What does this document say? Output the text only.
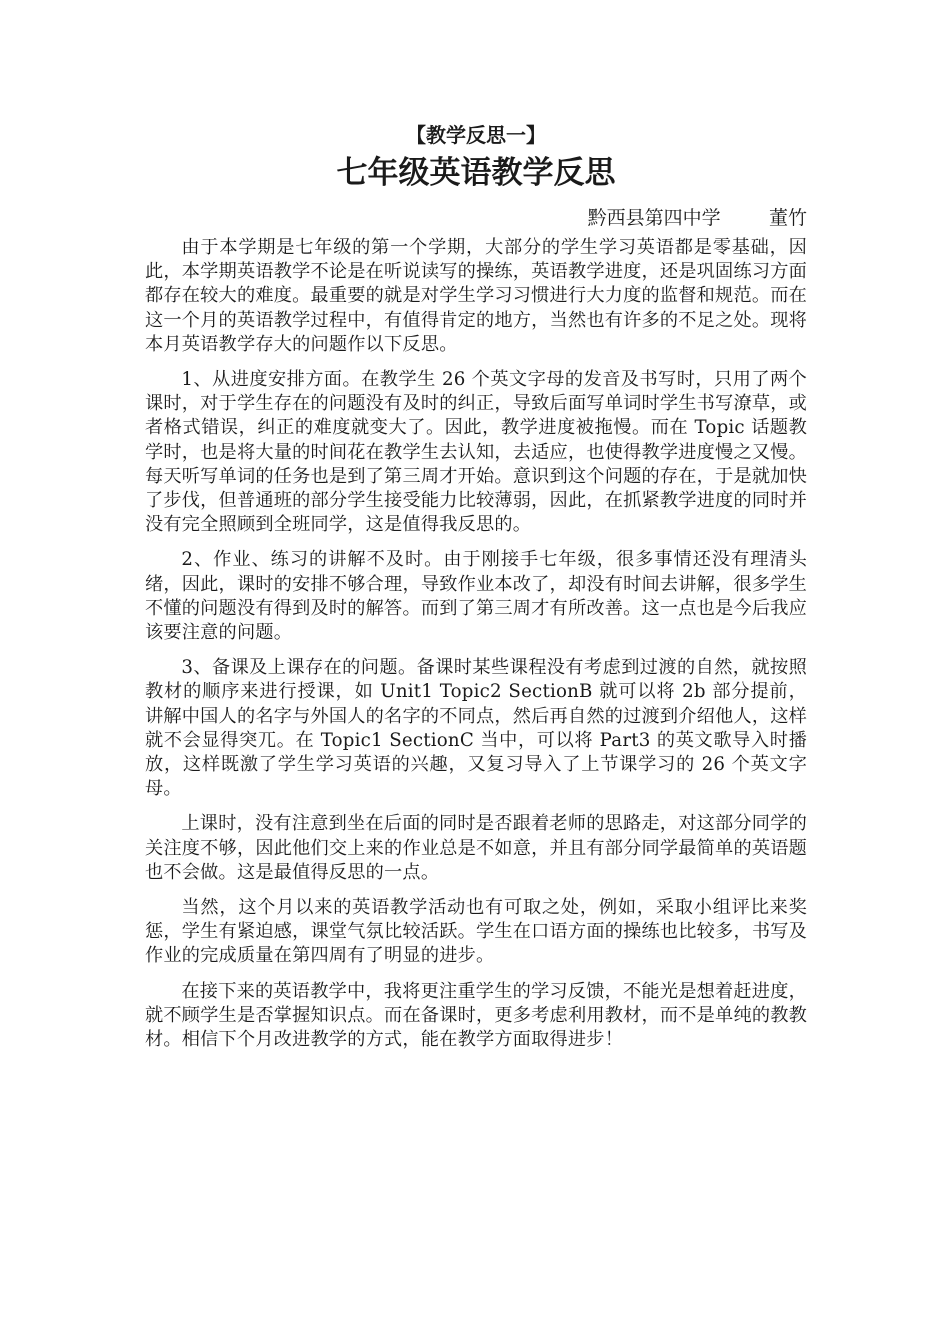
【教学反思一】

七年级英语教学反思

黔西县第四中学        董竹

由于本学期是七年级的第一个学期，大部分的学生学习英语都是零基础，因此，本学期英语教学不论是在听说读写的操练，英语教学进度，还是巩固练习方面都存在较大的难度。最重要的就是对学生学习习惯进行大力度的监督和规范。而在这一个月的英语教学过程中，有值得肯定的地方，当然也有许多的不足之处。现将本月英语教学存大的问题作以下反思。

1、从进度安排方面。在教学生 26 个英文字母的发音及书写时，只用了两个课时，对于学生存在的问题没有及时的纠正，导致后面写单词时学生书写潦草，或者格式错误，纠正的难度就变大了。因此，教学进度被拖慢。而在 Topic 话题教学时，也是将大量的时间花在教学生去认知，去适应，也使得教学进度慢之又慢。每天听写单词的任务也是到了第三周才开始。意识到这个问题的存在，于是就加快了步伐，但普通班的部分学生接受能力比较薄弱，因此，在抓紧教学进度的同时并没有完全照顾到全班同学，这是值得我反思的。

2、作业、练习的讲解不及时。由于刚接手七年级，很多事情还没有理清头绪，因此，课时的安排不够合理，导致作业本改了，却没有时间去讲解，很多学生不懂的问题没有得到及时的解答。而到了第三周才有所改善。这一点也是今后我应该要注意的问题。

3、备课及上课存在的问题。备课时某些课程没有考虑到过渡的自然，就按照教材的顺序来进行授课，如 Unit1 Topic2 SectionB 就可以将 2b 部分提前，讲解中国人的名字与外国人的名字的不同点，然后再自然的过渡到介绍他人，这样就不会显得突兀。在 Topic1 SectionC 当中，可以将 Part3 的英文歌导入时播放，这样既激了学生学习英语的兴趣，又复习导入了上节课学习的 26 个英文字母。

上课时，没有注意到坐在后面的同时是否跟着老师的思路走，对这部分同学的关注度不够，因此他们交上来的作业总是不如意，并且有部分同学最简单的英语题也不会做。这是最值得反思的一点。

当然，这个月以来的英语教学活动也有可取之处，例如，采取小组评比来奖惩，学生有紧迫感，课堂气氛比较活跃。学生在口语方面的操练也比较多，书写及作业的完成质量在第四周有了明显的进步。

在接下来的英语教学中，我将更注重学生的学习反馈，不能光是想着赶进度，就不顾学生是否掌握知识点。而在备课时，更多考虑利用教材，而不是单纯的教教材。相信下个月改进教学的方式，能在教学方面取得进步！
